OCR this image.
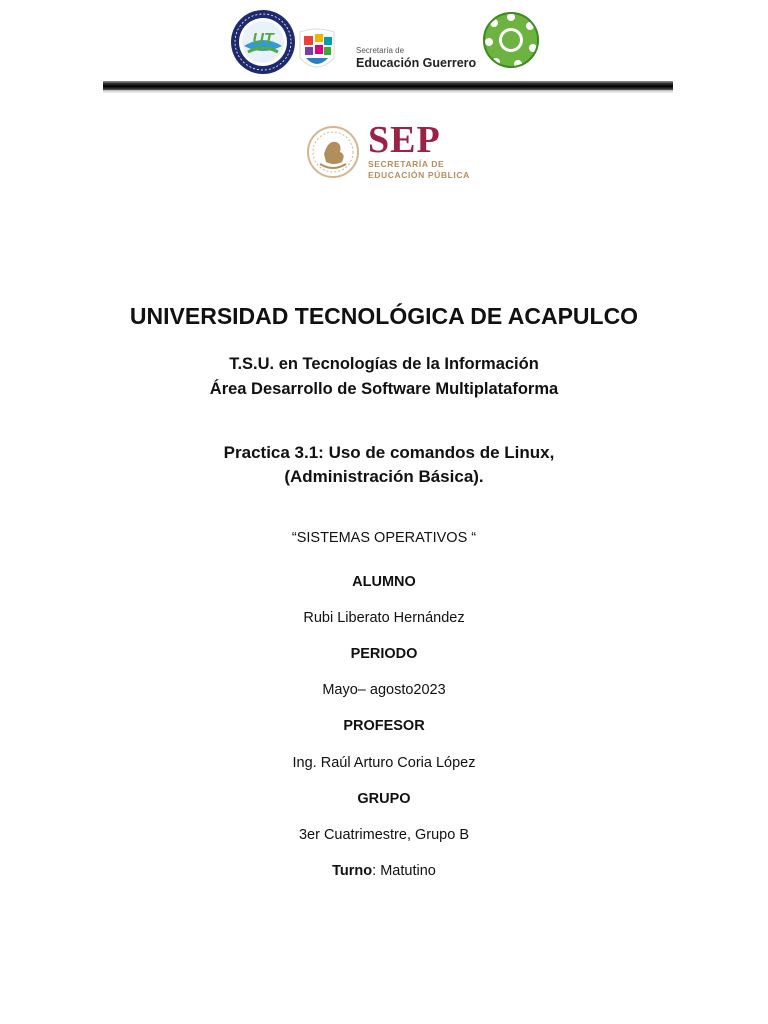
UT
Secretaría de
Educación Guerrero
SEP
SECRETARÍA DE
EDUCACIÓN PÚBLICA
UNIVERSIDAD TECNOLÓGICA DE ACAPULCO
T.S.U. en Tecnologías de la Información
Área Desarrollo de Software Multiplataforma
Practica 3.1: Uso de comandos de Linux,
(Administración Básica).
“SISTEMAS OPERATIVOS “
ALUMNO
Rubi Liberato Hernández
PERIODO
Mayo– agosto2023
PROFESOR
Ing. Raúl Arturo Coria López
GRUPO
3er Cuatrimestre, Grupo B
Turno: Matutino
